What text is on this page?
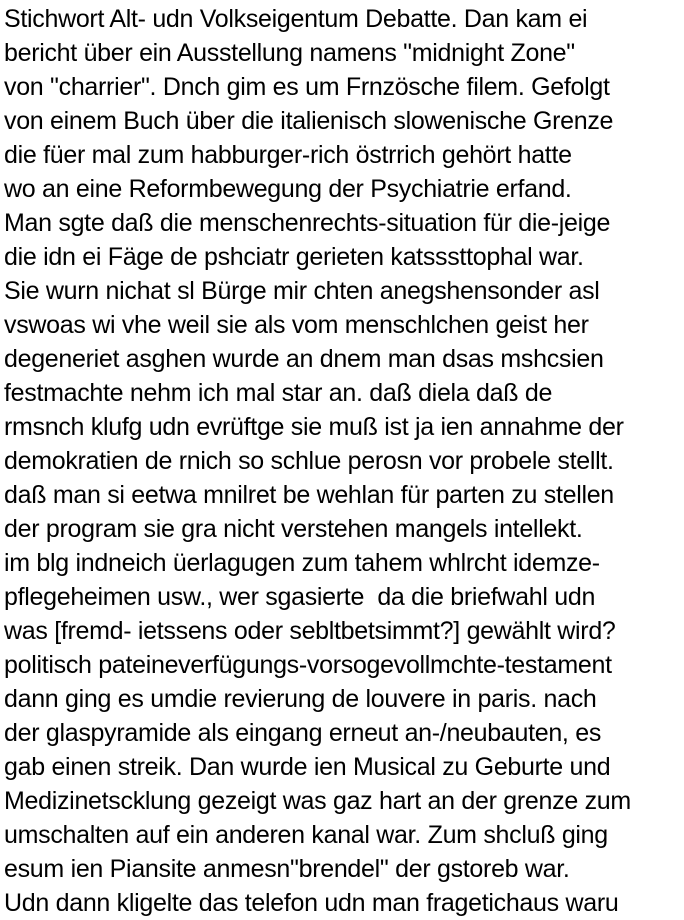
Stichwort Alt- udn Volkseigentum Debatte. Dan kam ei
bericht über ein Ausstellung namens "midnight Zone"
von "charrier". Dnch gim es um Frnzösche filem. Gefolgt
von einem Buch über die italienisch slowenische Grenze
die füer mal zum habburger-rich östrrich gehört hatte
wo an eine Reformbewegung der Psychiatrie erfand.
Man sgte daß die menschenrechts-situation für die-jeige
die idn ei Fäge de pshciatr gerieten katsssttophal war.
Sie wurn nichat sl Bürge mir chten anegshensonder asl
vswoas wi vhe weil sie als vom menschlchen geist her
degeneriet asghen wurde an dnem man dsas mshcsien
festmachte nehm ich mal star an. daß diela daß de
rmsnch klufg udn evrüftge sie muß ist ja ien annahme der
demokratien de rnich so schlue perosn vor probele stellt.
daß man si eetwa mnilret be wehlan für parten zu stellen
der program sie gra nicht verstehen mangels intellekt.
im blg indneich üerlagugen zum tahem whlrcht idemze-
pflegeheimen usw., wer sgasierte  da die briefwahl udn
was [fremd- ietssens oder sebltbetsimmt?] gewählt wird?
politisch pateineverfügungs-vorsogevollmchte-testament
dann ging es umdie revierung de louvere in paris. nach
der glaspyramide als eingang erneut an-/neubauten, es
gab einen streik. Dan wurde ien Musical zu Geburte und
Medizinetscklung gezeigt was gaz hart an der grenze zum
umschalten auf ein anderen kanal war. Zum shcluß ging
esum ien Piansite anmesn"brendel" der gstoreb war.
Udn dann kligelte das telefon udn man fragetichaus waru
